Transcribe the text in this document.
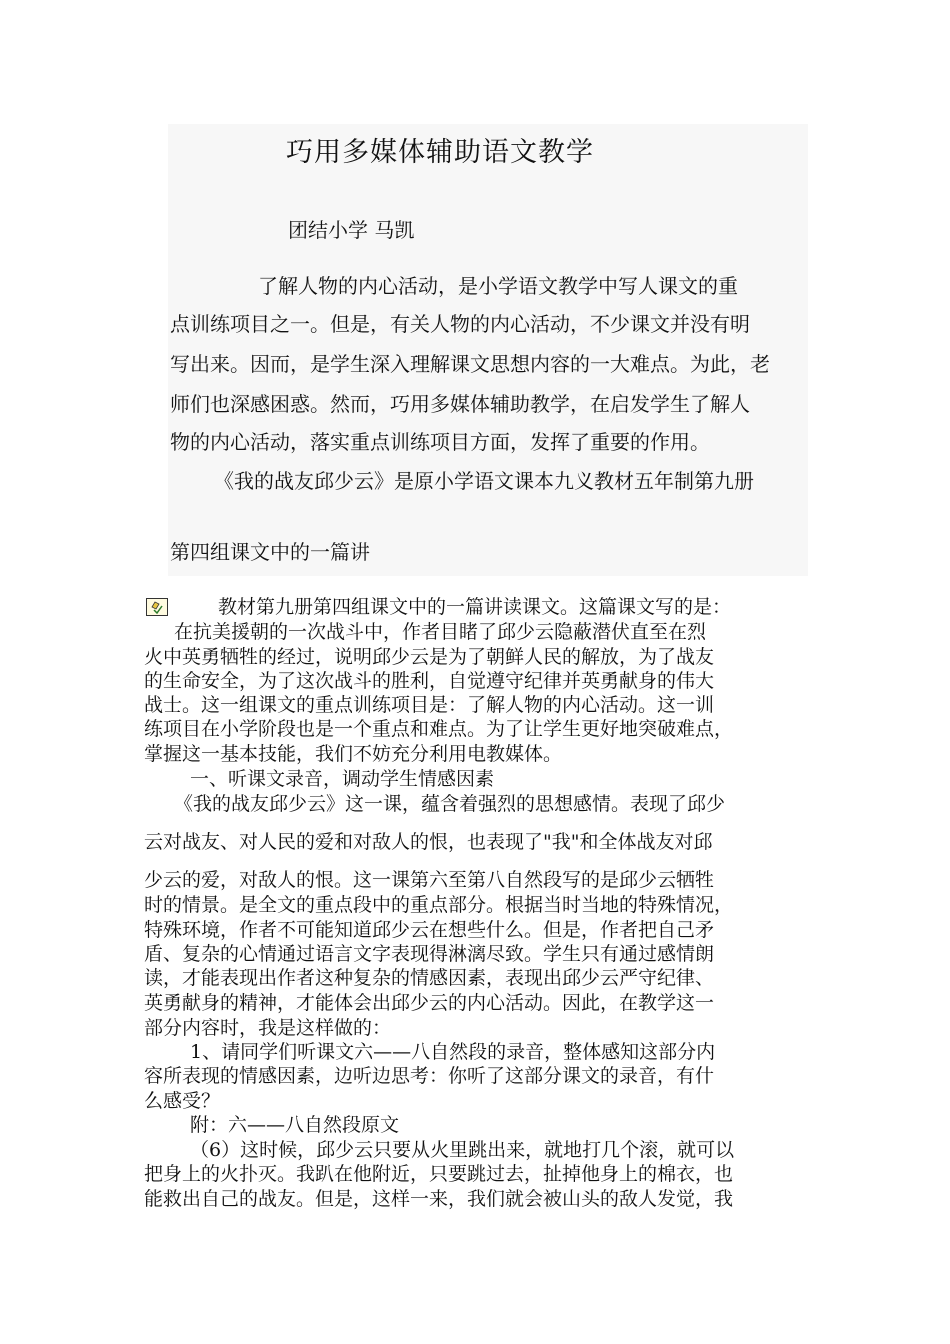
巧用多媒体辅助语文教学
团结小学 马凯
了解人物的内心活动，是小学语文教学中写人课文的重
点训练项目之一。但是，有关人物的内心活动，不少课文并没有明
写出来。因而，是学生深入理解课文思想内容的一大难点。为此，老
师们也深感困惑。然而，巧用多媒体辅助教学，在启发学生了解人
物的内心活动，落实重点训练项目方面，发挥了重要的作用。
《我的战友邱少云》是原小学语文课本九义教材五年制第九册
第四组课文中的一篇讲
教材第九册第四组课文中的一篇讲读课文。这篇课文写的是：
在抗美援朝的一次战斗中，作者目睹了邱少云隐蔽潜伏直至在烈
火中英勇牺牲的经过，说明邱少云是为了朝鲜人民的解放，为了战友
的生命安全，为了这次战斗的胜利，自觉遵守纪律并英勇献身的伟大
战士。这一组课文的重点训练项目是：了解人物的内心活动。这一训
练项目在小学阶段也是一个重点和难点。为了让学生更好地突破难点，
掌握这一基本技能，我们不妨充分利用电教媒体。
一、听课文录音，调动学生情感因素
《我的战友邱少云》这一课，蕴含着强烈的思想感情。表现了邱少
云对战友、对人民的爱和对敌人的恨，也表现了"我"和全体战友对邱
少云的爱，对敌人的恨。这一课第六至第八自然段写的是邱少云牺牲
时的情景。是全文的重点段中的重点部分。根据当时当地的特殊情况，
特殊环境，作者不可能知道邱少云在想些什么。但是，作者把自己矛
盾、复杂的心情通过语言文字表现得淋漓尽致。学生只有通过感情朗
读，才能表现出作者这种复杂的情感因素，表现出邱少云严守纪律、
英勇献身的精神，才能体会出邱少云的内心活动。因此，在教学这一
部分内容时，我是这样做的：
1、请同学们听课文六——八自然段的录音，整体感知这部分内
容所表现的情感因素，边听边思考：你听了这部分课文的录音，有什
么感受？
附：六——八自然段原文
（6）这时候，邱少云只要从火里跳出来，就地打几个滚，就可以
把身上的火扑灭。我趴在他附近，只要跳过去，扯掉他身上的棉衣，也
能救出自己的战友。但是，这样一来，我们就会被山头的敌人发觉，我
